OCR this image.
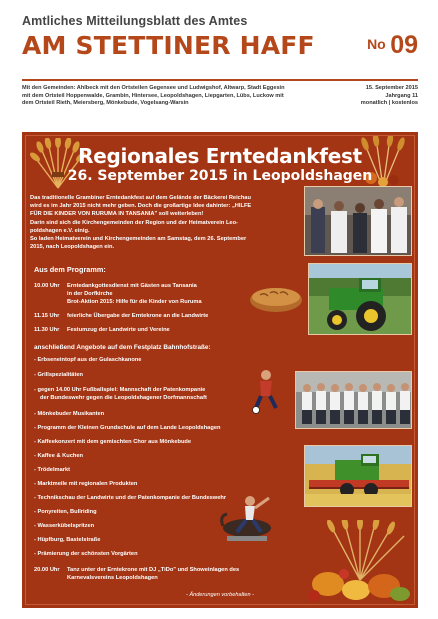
Amtliches Mitteilungsblatt des Amtes
AM STETTINER HAFF	No 09
Mit den Gemeinden: Ahlbeck mit den Ortsteilen Gegensee und Ludwigshof, Altwarp, Stadt Eggesin
mit dem Ortsteil Hoppenwalde, Grambin, Hintersee, Leopoldshagen, Liepgarten, Lübs, Luckow mit
dem Ortsteil Rieth, Meiersberg, Mönkebude, Vogelsang-Warsin
15. September 2015
Jahrgang 11
monatlich | kostenlos
Regionales Erntedankfest
26. September 2015 in Leopoldshagen
Das traditionelle Grambiner Erntedankfest auf dem Gelände der Bäckerei Reichau
wird es im Jahr 2015 nicht mehr geben. Doch die großartige Idee dahinter: „HILFE
FÜR DIE KINDER VON RURUMA IN TANSANIA" soll weiterleben!
Darin sind sich die Kirchengemeinden der Region und der Heimatverein Leo-
poldshagen e.V. einig.
So laden Heimatverein und Kirchengemeinden am Samstag, dem 26. September
2015, nach Leopoldshagen ein.
Aus dem Programm:
10.00 Uhr	Erntedankgottesdienst mit Gästen aus Tansania
in der Dorfkirche
Brot-Aktion 2015: Hilfe für die Kinder von Ruruma
11.15 Uhr	feierliche Übergabe der Erntekrone an die Landwirte
11.30 Uhr	Festumzug der Landwirte und Vereine
anschließend Angebote auf dem Festplatz Bahnhofstraße:
- Erbseneintopf aus der Gulaschkanone
- Grillspezialitäten
- gegen 14.00 Uhr Fußballspiel: Mannschaft der Patenkompanie
der Bundeswehr gegen die Leopoldshagener Dorfmannschaft
- Mönkebuder Musikanten
- Programm der Kleinen Grundschule auf dem Lande Leopoldshagen
- Kaffeekonzert mit dem gemischten Chor aus Mönkebude
- Kaffee & Kuchen
- Trödelmarkt
- Marktmeile mit regionalen Produkten
- Technikschau der Landwirte und der Patenkompanie der Bundeswehr
- Ponyreiten, Bullriding
- Wasserkübelspritzen
- Hüpfburg, Bastelstraße
- Prämierung der schönsten Vorgärten
20.00 Uhr	Tanz unter der Erntekrone mit DJ „TiDo" und Showeinlagen des
Karnevalsvereins Leopoldshagen
- Änderungen vorbehalten -
